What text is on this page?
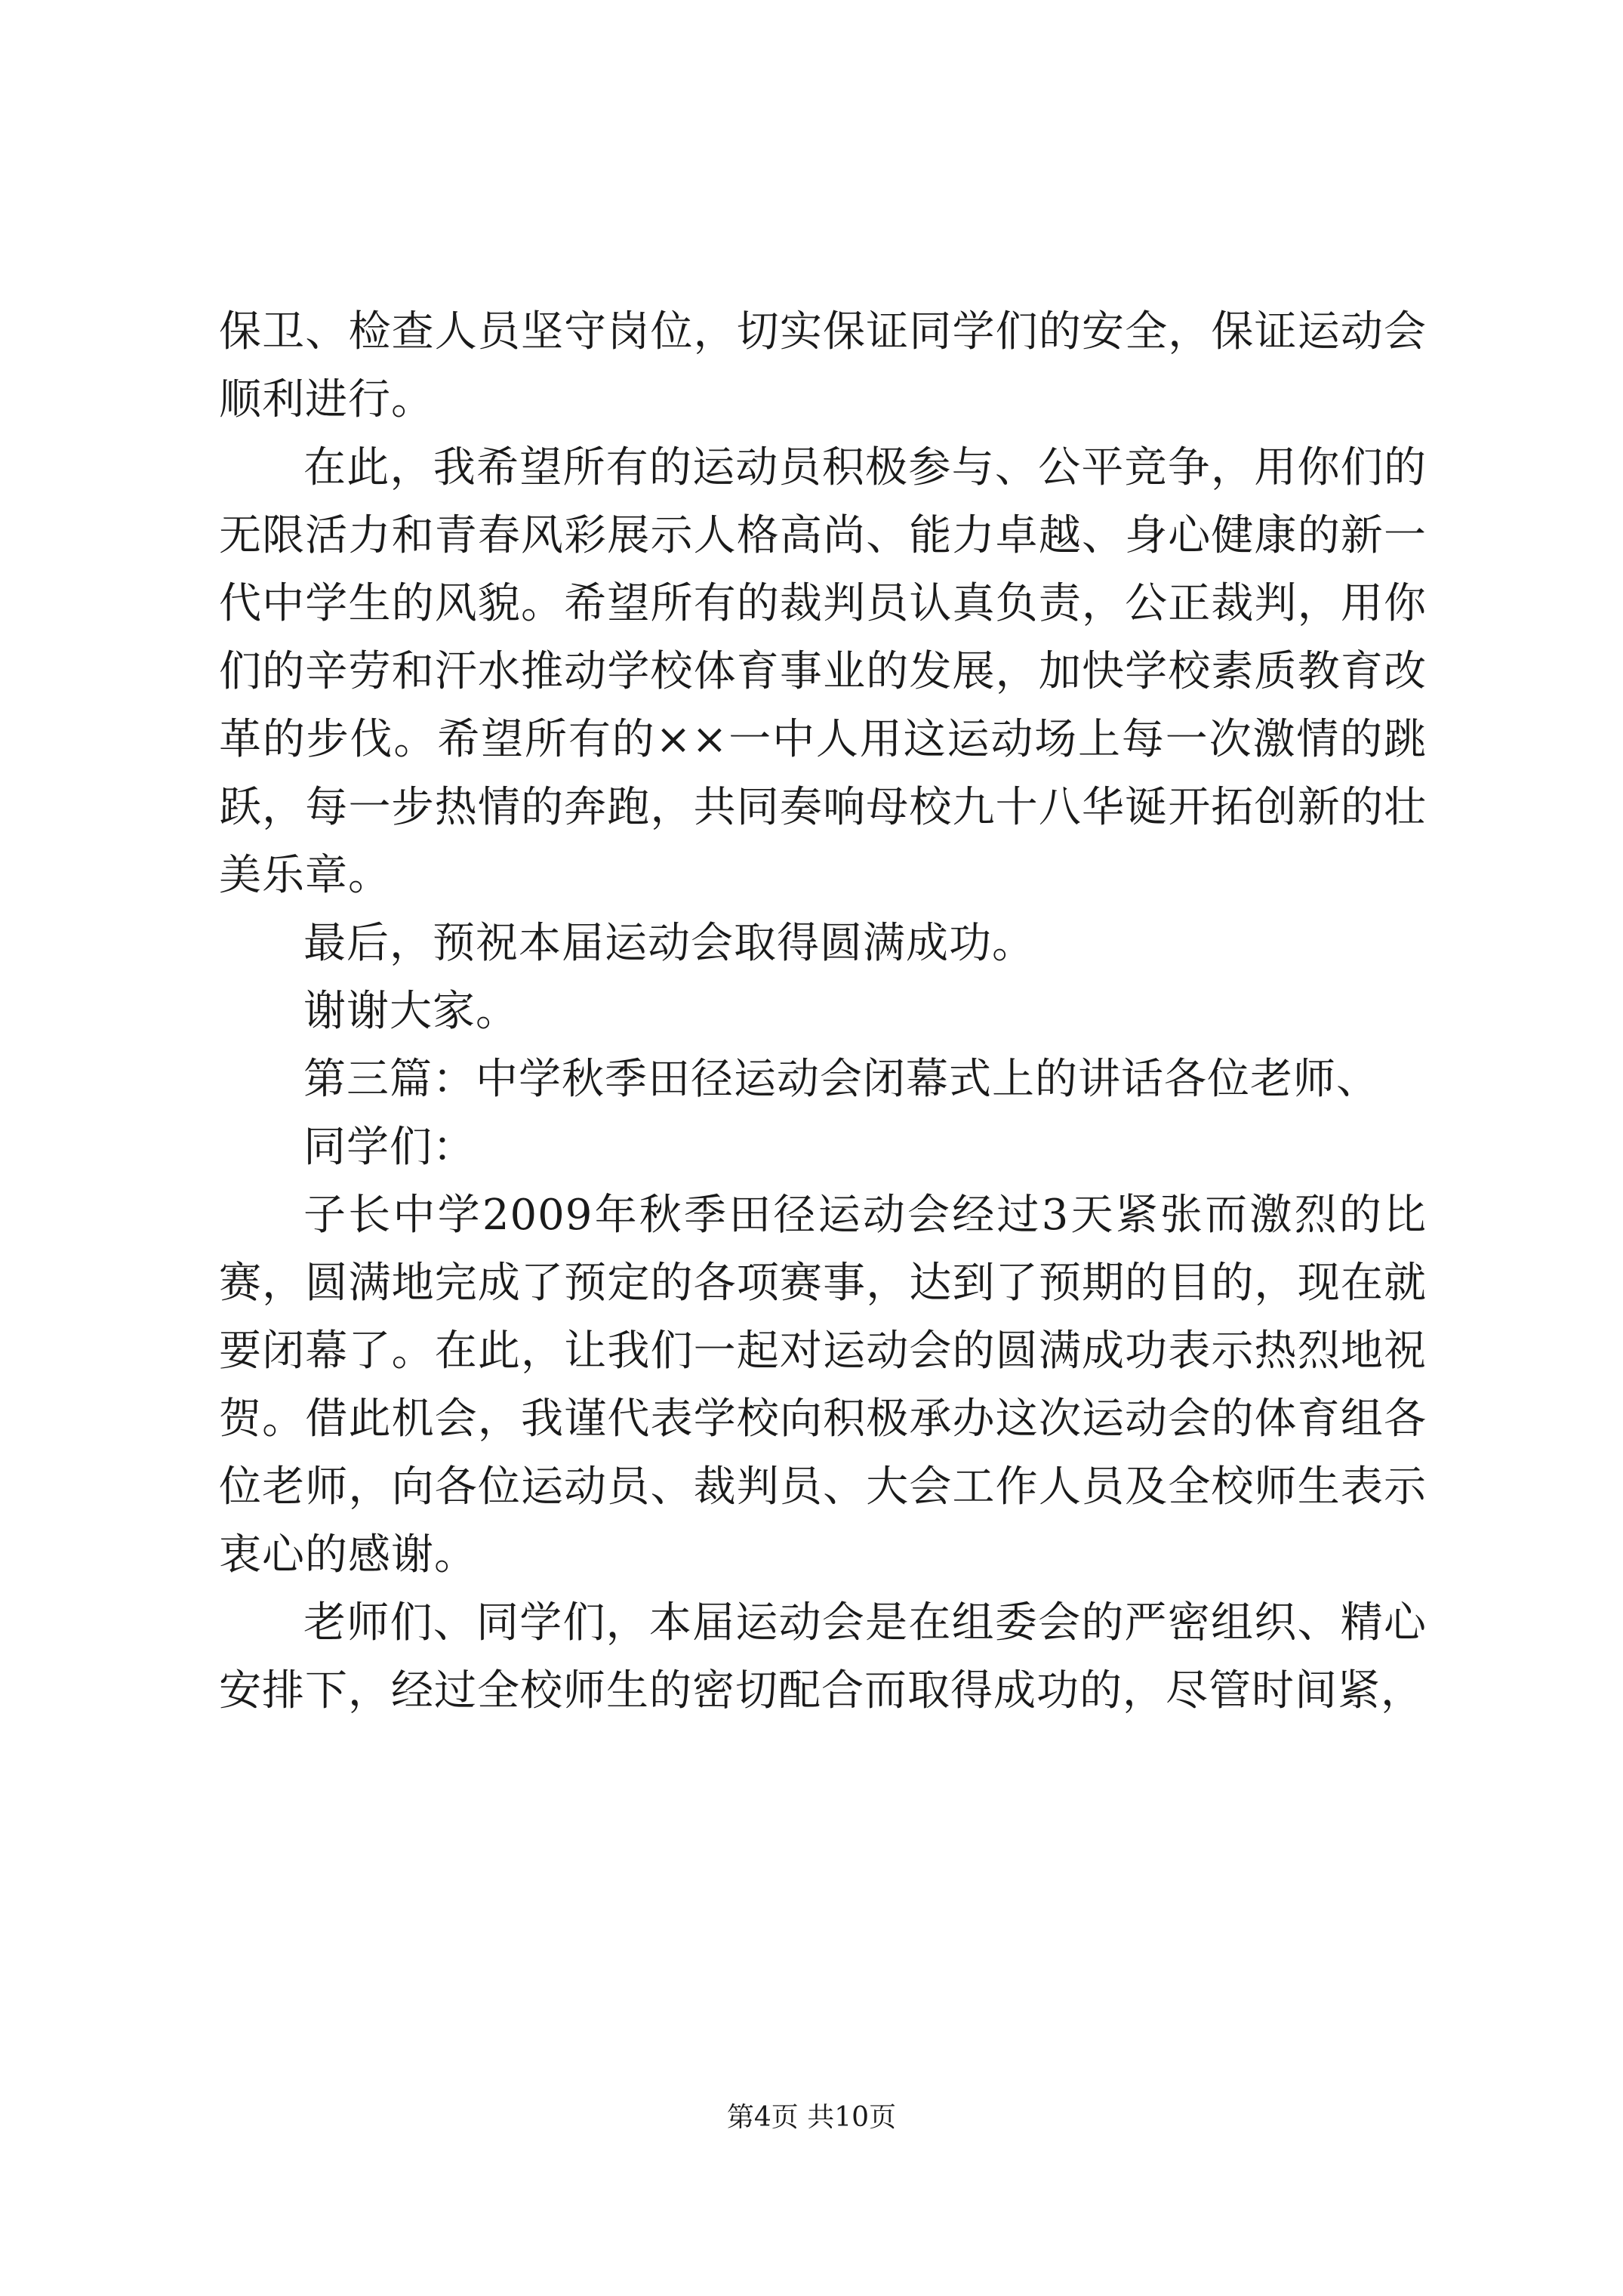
保卫、检查人员坚守岗位，切实保证同学们的安全，保证运动会顺利进行。

在此，我希望所有的运动员积极参与、公平竞争，用你们的无限活力和青春风彩展示人格高尚、能力卓越、身心健康的新一代中学生的风貌。希望所有的裁判员认真负责，公正裁判，用你们的辛劳和汗水推动学校体育事业的发展，加快学校素质教育改革的步伐。希望所有的××一中人用这运动场上每一次激情的跳跃，每一步热情的奔跑，共同奏响母校九十八华诞开拓创新的壮美乐章。

最后，预祝本届运动会取得圆满成功。

谢谢大家。

第三篇：中学秋季田径运动会闭幕式上的讲话各位老师、

同学们：

子长中学2009年秋季田径运动会经过3天紧张而激烈的比赛，圆满地完成了预定的各项赛事，达到了预期的目的，现在就要闭幕了。在此，让我们一起对运动会的圆满成功表示热烈地祝贺。借此机会，我谨代表学校向积极承办这次运动会的体育组各位老师，向各位运动员、裁判员、大会工作人员及全校师生表示衷心的感谢。

老师们、同学们，本届运动会是在组委会的严密组织、精心安排下，经过全校师生的密切配合而取得成功的，尽管时间紧，

第4页 共10页
